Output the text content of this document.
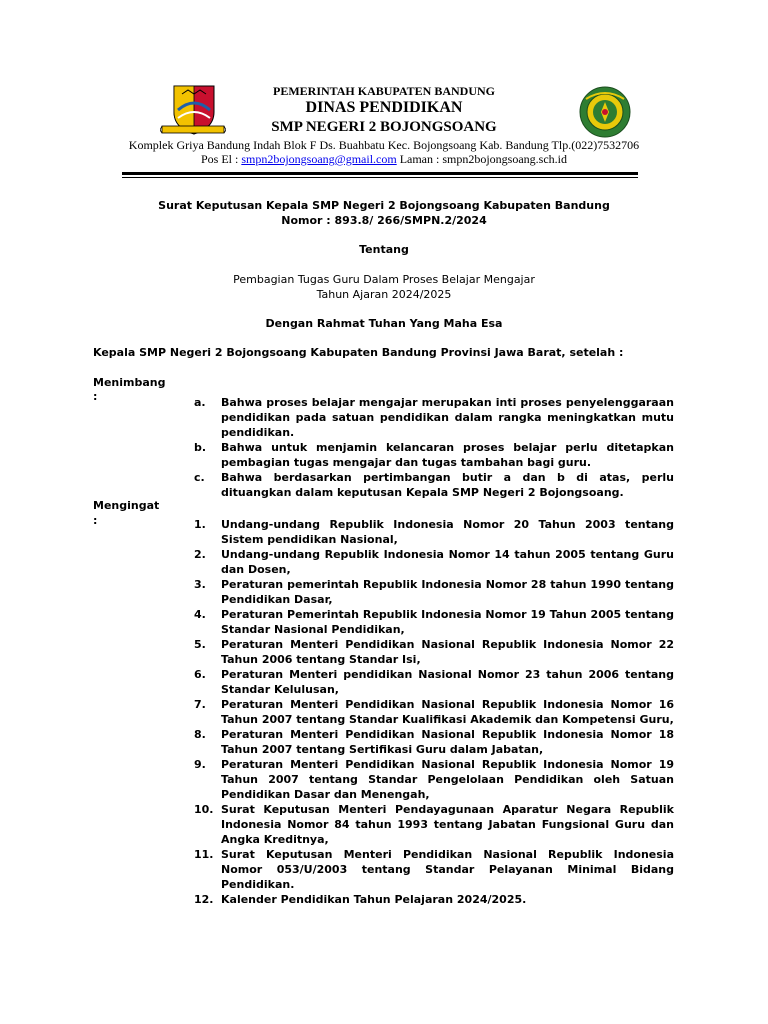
PEMERINTAH KABUPATEN BANDUNG
DINAS PENDIDIKAN
SMP NEGERI 2 BOJONGSOANG
Komplek Griya Bandung Indah Blok F Ds. Buahbatu Kec. Bojongsoang Kab. Bandung Tlp.(022)7532706
Pos El : smpn2bojongsoang@gmail.com Laman : smpn2bojongsoang.sch.id
Surat Keputusan Kepala SMP Negeri 2 Bojongsoang Kabupaten Bandung
Nomor : 893.8/ 266/SMPN.2/2024
Tentang
Pembagian Tugas Guru Dalam Proses Belajar Mengajar
Tahun Ajaran 2024/2025
Dengan Rahmat Tuhan Yang Maha Esa
Kepala SMP Negeri 2 Bojongsoang Kabupaten Bandung Provinsi Jawa Barat, setelah :
Menimbang
:	a.	Bahwa proses belajar mengajar merupakan inti proses penyelenggaraan pendidikan pada satuan pendidikan dalam rangka meningkatkan mutu pendidikan.
b.	Bahwa untuk menjamin kelancaran proses belajar perlu ditetapkan pembagian tugas mengajar dan tugas tambahan bagi guru.
c.	Bahwa berdasarkan pertimbangan butir a dan b di atas, perlu dituangkan dalam keputusan Kepala SMP Negeri 2 Bojongsoang.
Mengingat
:	1.	Undang-undang Republik Indonesia Nomor 20 Tahun 2003 tentang Sistem pendidikan Nasional,
2.	Undang-undang Republik Indonesia Nomor 14 tahun 2005 tentang Guru dan Dosen,
3.	Peraturan pemerintah Republik Indonesia Nomor 28 tahun 1990 tentang Pendidikan Dasar,
4.	Peraturan Pemerintah Republik Indonesia Nomor 19 Tahun 2005 tentang Standar Nasional Pendidikan,
5.	Peraturan Menteri Pendidikan Nasional Republik Indonesia Nomor 22 Tahun 2006 tentang Standar Isi,
6.	Peraturan Menteri pendidikan Nasional Nomor 23 tahun 2006 tentang Standar Kelulusan,
7.	Peraturan Menteri Pendidikan Nasional Republik Indonesia Nomor 16 Tahun 2007 tentang Standar Kualifikasi Akademik dan Kompetensi Guru,
8.	Peraturan Menteri Pendidikan Nasional Republik Indonesia Nomor 18 Tahun 2007 tentang Sertifikasi Guru dalam Jabatan,
9.	Peraturan Menteri Pendidikan Nasional Republik Indonesia Nomor 19 Tahun 2007 tentang Standar Pengelolaan Pendidikan oleh Satuan Pendidikan Dasar dan Menengah,
10. Surat Keputusan Menteri Pendayagunaan Aparatur Negara Republik Indonesia Nomor 84 tahun 1993 tentang Jabatan Fungsional Guru dan Angka Kreditnya,
11. Surat Keputusan Menteri Pendidikan Nasional Republik Indonesia Nomor 053/U/2003 tentang Standar Pelayanan Minimal Bidang Pendidikan.
12. Kalender Pendidikan Tahun Pelajaran 2024/2025.
